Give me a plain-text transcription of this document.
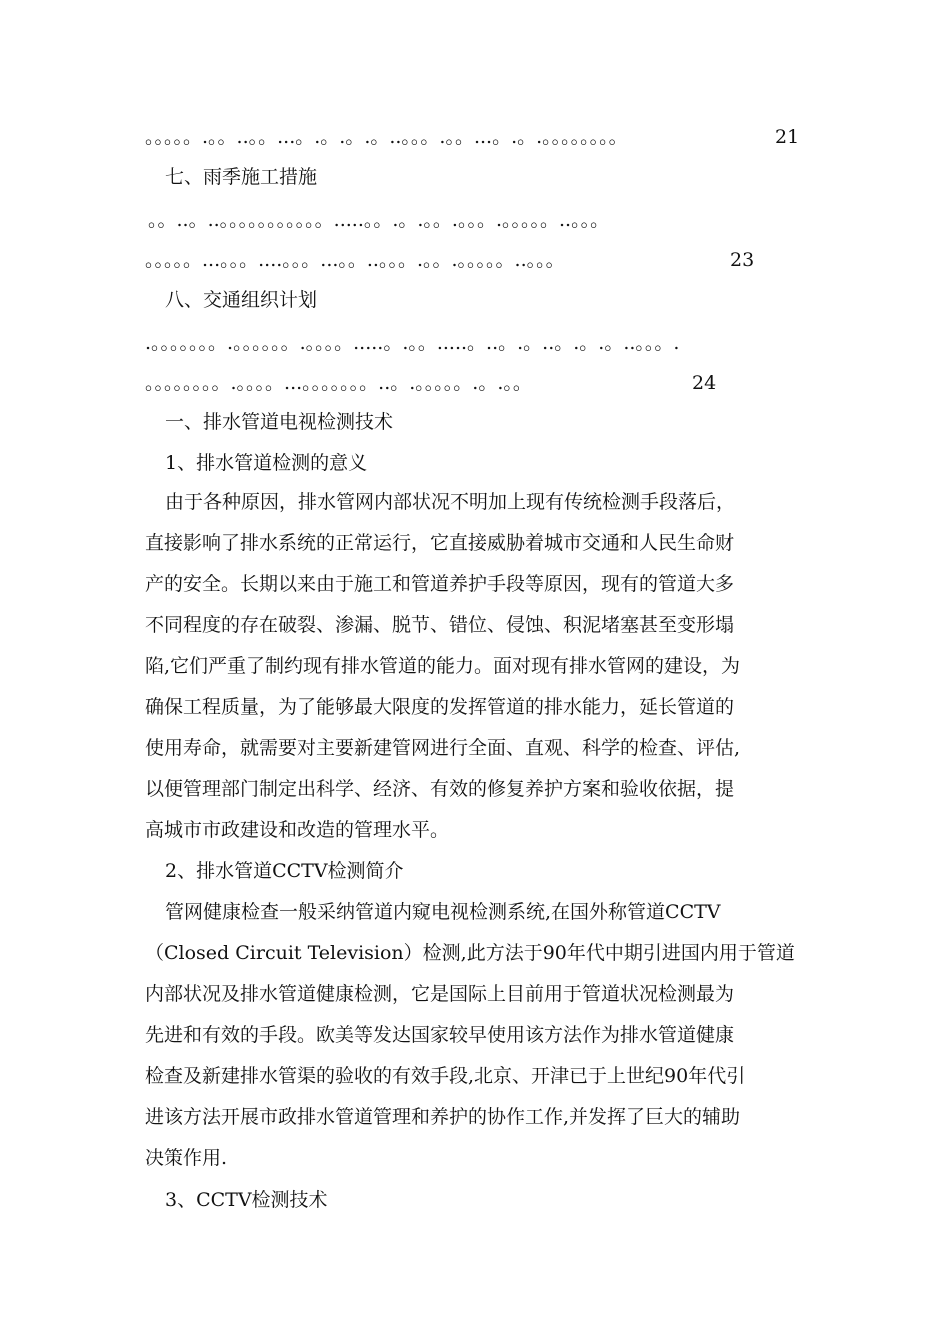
。。。。。.。。..。。...。.。.。.。..。。。.。。...。.。.。。。。。。。。	21
七、雨季施工措施
。。..。..。。。。。。。。。。。.....。。.。.。。.。。。.。。。。。..。。。
。。。。。...。。。....。。。...。。..。。。.。。.。。。。。..。。。	23
八、交通组织计划
.。。。。。。。.。。。。。。.。。。。.....。.。。.....。..。.。..。.。.。..。。。.
。。。。。。。。.。。。。...。。。。。。。..。.。。。。。.。.。。	24
一、排水管道电视检测技术
1、排水管道检测的意义
由于各种原因，排水管网内部状况不明加上现有传统检测手段落后，
直接影响了排水系统的正常运行，它直接威胁着城市交通和人民生命财
产的安全。长期以来由于施工和管道养护手段等原因，现有的管道大多
不同程度的存在破裂、渗漏、脱节、错位、侵蚀、积泥堵塞甚至变形塌
陷,它们严重了制约现有排水管道的能力。面对现有排水管网的建设，为
确保工程质量，为了能够最大限度的发挥管道的排水能力，延长管道的
使用寿命，就需要对主要新建管网进行全面、直观、科学的检查、评估,
以便管理部门制定出科学、经济、有效的修复养护方案和验收依据，提
高城市市政建设和改造的管理水平。
2、排水管道CCTV检测简介
管网健康检查一般采纳管道内窥电视检测系统,在国外称管道CCTV
（Closed Circuit Television）检测,此方法于90年代中期引进国内用于管道
内部状况及排水管道健康检测，它是国际上目前用于管道状况检测最为
先进和有效的手段。欧美等发达国家较早使用该方法作为排水管道健康
检查及新建排水管渠的验收的有效手段,北京、开津已于上世纪90年代引
进该方法开展市政排水管道管理和养护的协作工作,并发挥了巨大的辅助
决策作用.
3、CCTV检测技术
